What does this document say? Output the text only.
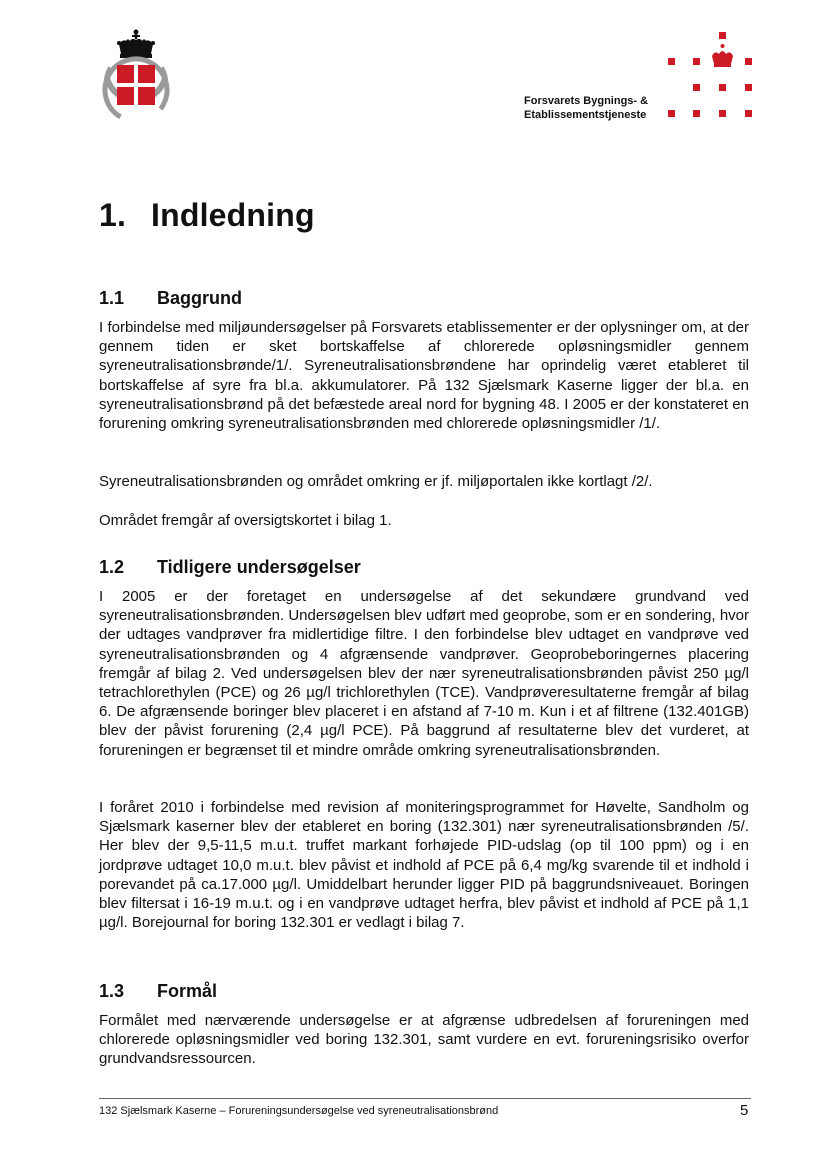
Forsvarets Bygnings- &
Etablissementstjeneste
1. Indledning
1.1 Baggrund

I forbindelse med miljøundersøgelser på Forsvarets etablissementer er der oplysninger om, at der gennem tiden er sket bortskaffelse af chlorerede opløsningsmidler gennem syreneutralisationsbrønde/1/. Syreneutralisationsbrøndene har oprindelig været etableret til bortskaffelse af syre fra bl.a. akkumulatorer. På 132 Sjælsmark Kaserne ligger der bl.a. en syreneutralisationsbrønd på det befæstede areal nord for bygning 48. I 2005 er der konstateret en forurening omkring syreneutralisationsbrønden med chlorerede opløsningsmidler /1/.

Syreneutralisationsbrønden og området omkring er jf. miljøportalen ikke kortlagt /2/.

Området fremgår af oversigtskortet i bilag 1.

1.2 Tidligere undersøgelser

I 2005 er der foretaget en undersøgelse af det sekundære grundvand ved syreneutralisationsbrønden. Undersøgelsen blev udført med geoprobe, som er en sondering, hvor der udtages vandprøver fra midlertidige filtre. I den forbindelse blev udtaget en vandprøve ved syreneutralisationsbrønden og 4 afgrænsende vandprøver. Geoprobeboringernes placering fremgår af bilag 2. Ved undersøgelsen blev der nær syreneutralisationsbrønden påvist 250 µg/l tetrachlorethylen (PCE) og 26 µg/l trichlorethylen (TCE). Vandprøveresultaterne fremgår af bilag 6. De afgrænsende boringer blev placeret i en afstand af 7-10 m. Kun i et af filtrene (132.401GB) blev der påvist forurening (2,4 µg/l PCE). På baggrund af resultaterne blev det vurderet, at forureningen er begrænset til et mindre område omkring syreneutralisationsbrønden.

I foråret 2010 i forbindelse med revision af moniteringsprogrammet for Høvelte, Sandholm og Sjælsmark kaserner blev der etableret en boring (132.301) nær syreneutralisationsbrønden /5/. Her blev der 9,5-11,5 m.u.t. truffet markant forhøjede PID-udslag (op til 100 ppm) og i en jordprøve udtaget 10,0 m.u.t. blev påvist et indhold af PCE på 6,4 mg/kg svarende til et indhold i porevandet på ca.17.000 µg/l. Umiddelbart herunder ligger PID på baggrundsniveauet. Boringen blev filtersat i 16-19 m.u.t. og i en vandprøve udtaget herfra, blev påvist et indhold af PCE på 1,1 µg/l. Borejournal for boring 132.301 er vedlagt i bilag 7.

1.3 Formål

Formålet med nærværende undersøgelse er at afgrænse udbredelsen af forureningen med chlorerede opløsningsmidler ved boring 132.301, samt vurdere en evt. forureningsrisiko overfor grundvandsressourcen.

132 Sjælsmark Kaserne – Forureningsundersøgelse ved syreneutralisationsbrønd	5
